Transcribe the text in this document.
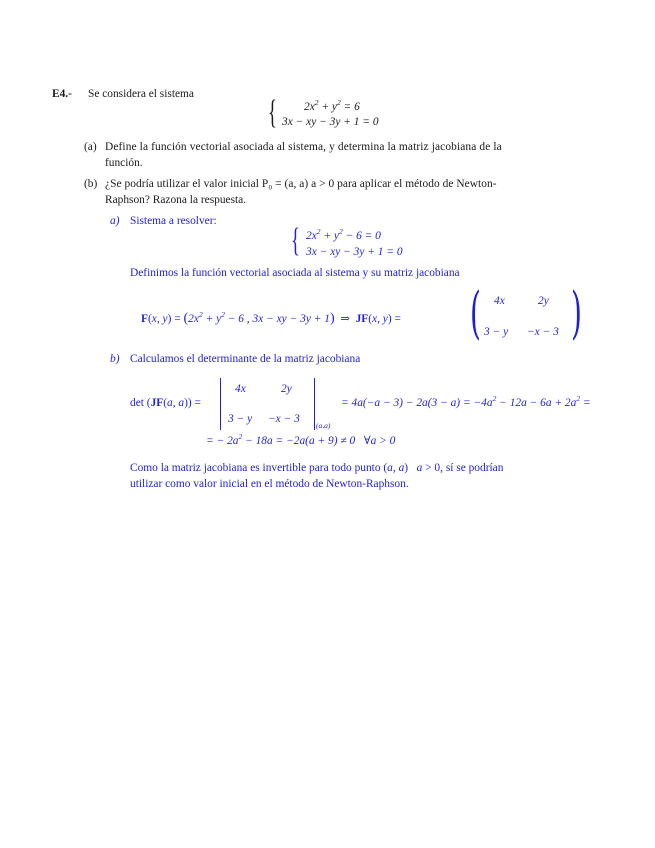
E4.- Se considera el sistema { $2x^2 + y^2 = 6$
3x − xy − 3y + 1 = 0
(a) Define la función vectorial asociada al sistema, y determina la matriz jacobiana de la
función.
(b) ¿Se podría utilizar el valor inicial P₀ = (a, a) a > 0 para aplicar el método de Newton-
Raphson? Razona la respuesta.
a) Sistema a resolver:
{ $2x^2 + y^2 - 6 = 0$
3x − xy − 3y + 1 = 0
Definimos la función vectorial asociada al sistema y su matriz jacobiana
F(x, $y) = (2x^2 + y^2 - 6$ , 3x − xy − 3y + 1)  ⇒  JF(x, y) = ( )
4x	2y
3 − y −x − 3
b) Calculamos el determinante de la matriz jacobiana
det (JF(a, a)) =
4x	2y
3 − y −x − 3
(a,a)
= $4a(-a - 3) - 2a(3 - a) = -4a^2 - 12a - 6a + 2a^2$ =
= − $2a^2 - 18a = -2a(a + 9) \ne 0$   ∀a > 0
Como la matriz jacobiana es invertible para todo punto (a, a)   a > 0, sí se podrían
utilizar como valor inicial en el método de Newton-Raphson.
